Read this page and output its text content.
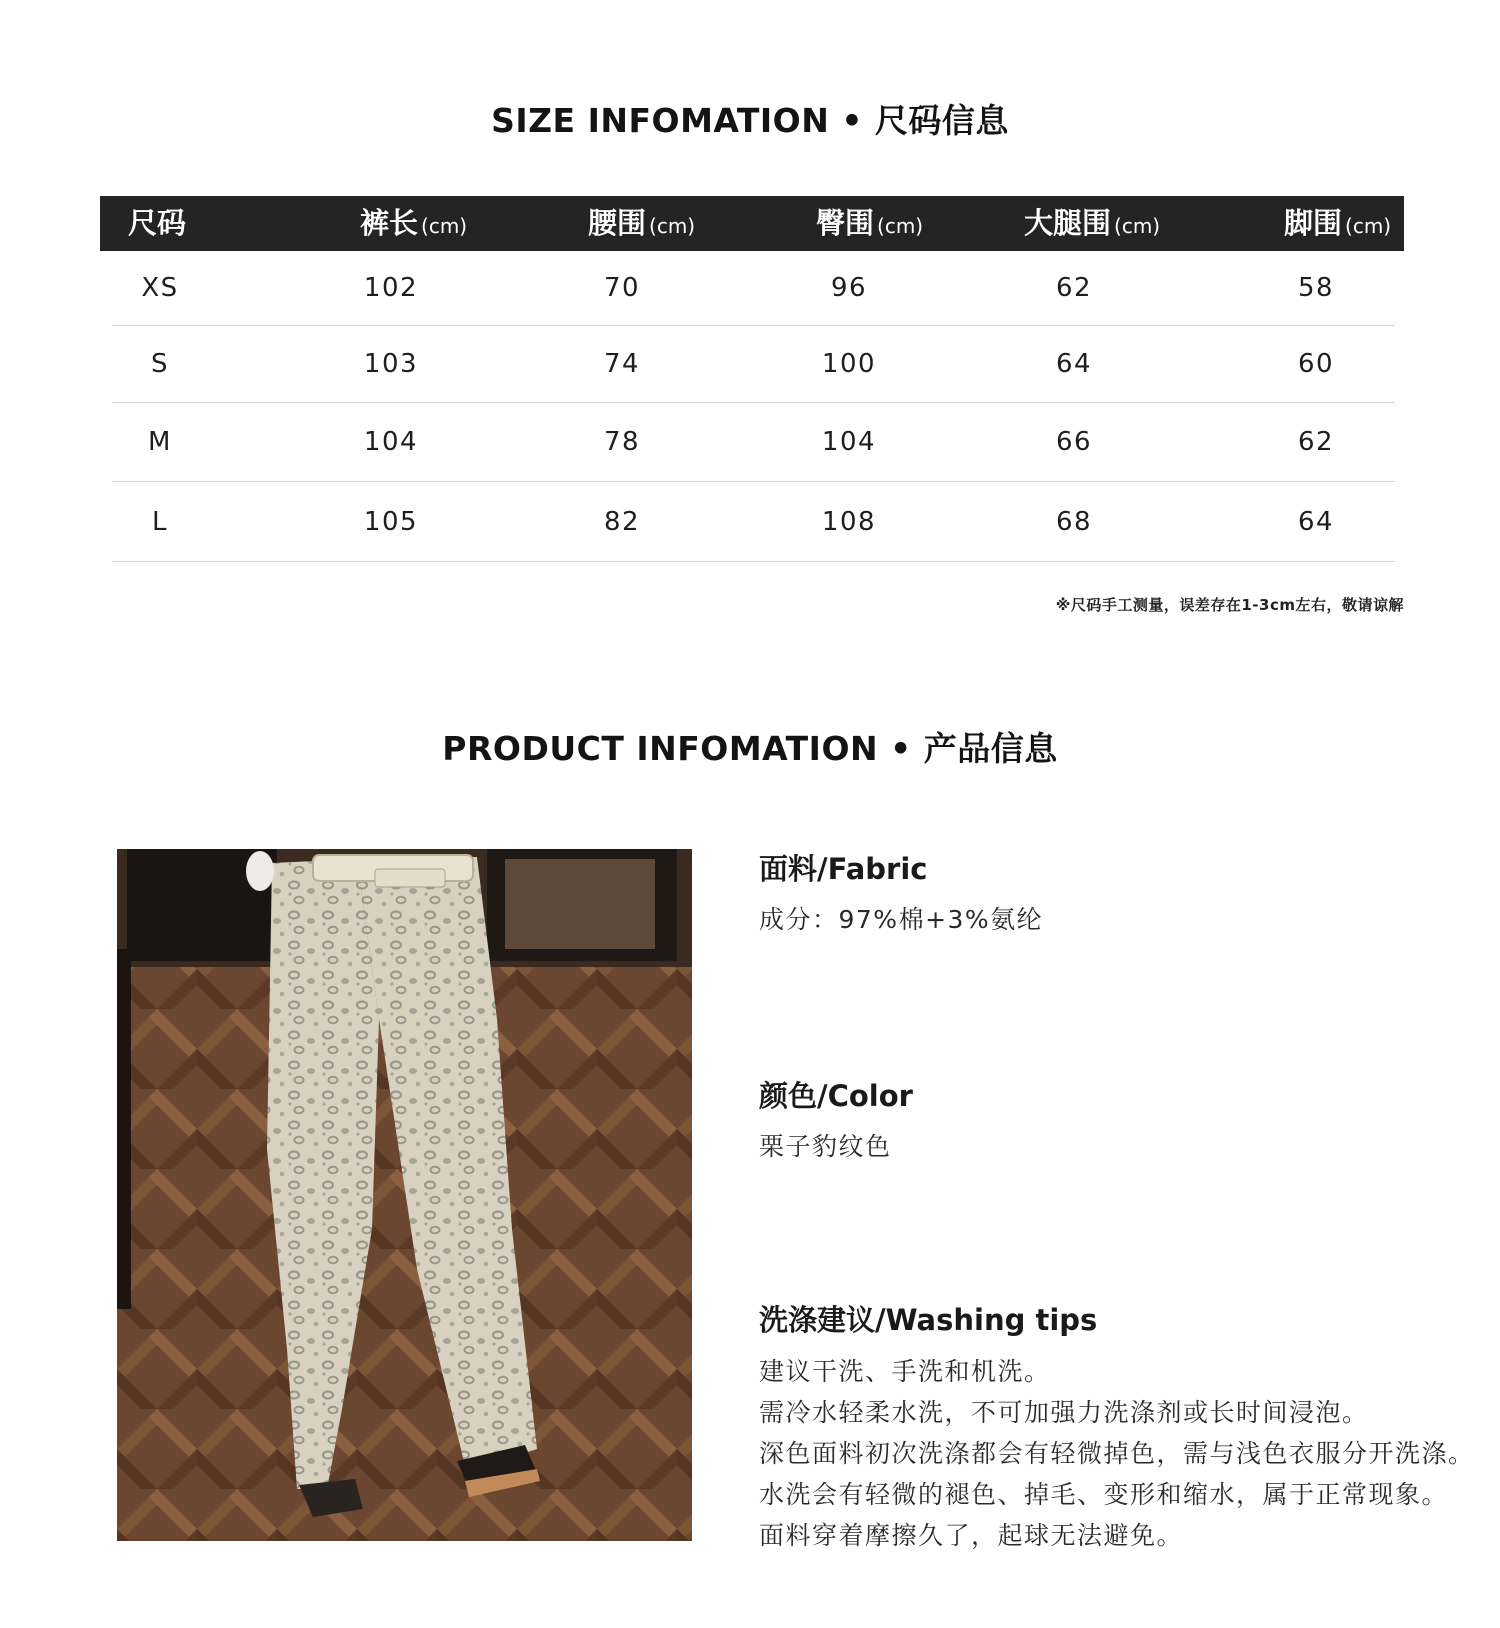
SIZE INFOMATION • 尺码信息
尺码	裤长 (cm)	腰围 (cm)	臀围 (cm)	大腿围 (cm)	脚围 (cm)
XS	102	70	96	62	58
S	103	74	100	64	60
M	104	78	104	66	62
L	105	82	108	68	64
※尺码手工测量，误差存在1-3cm左右，敬请谅解
PRODUCT INFOMATION • 产品信息
面料/Fabric
成分：97%棉+3%氨纶
颜色/Color
栗子豹纹色
洗涤建议/Washing tips
建议干洗、手洗和机洗。
需冷水轻柔水洗，不可加强力洗涤剂或长时间浸泡。
深色面料初次洗涤都会有轻微掉色，需与浅色衣服分开洗涤。
水洗会有轻微的褪色、掉毛、变形和缩水，属于正常现象。
面料穿着摩擦久了，起球无法避免。
